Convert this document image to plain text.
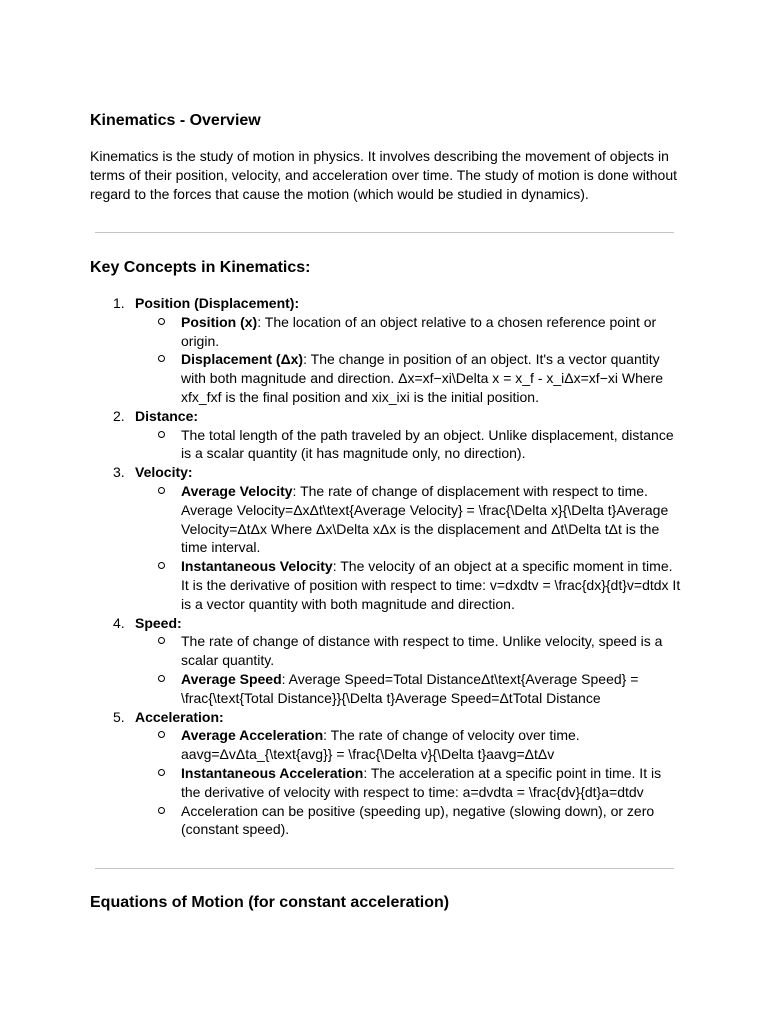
Kinematics - Overview

Kinematics is the study of motion in physics. It involves describing the movement of objects in terms of their position, velocity, and acceleration over time. The study of motion is done without regard to the forces that cause the motion (which would be studied in dynamics).

Key Concepts in Kinematics:
1. Position (Displacement):
Position (x): The location of an object relative to a chosen reference point or origin.
Displacement (Δx): The change in position of an object. It's a vector quantity with both magnitude and direction. Δx=xf−xi\Delta x = x_f - x_iΔx=xf−xi Where xfx_fxf is the final position and xix_ixi is the initial position.
2. Distance:
The total length of the path traveled by an object. Unlike displacement, distance is a scalar quantity (it has magnitude only, no direction).
3. Velocity:
Average Velocity: The rate of change of displacement with respect to time. Average Velocity=ΔxΔt\text{Average Velocity} = \frac{\Delta x}{\Delta t}Average Velocity=ΔtΔx Where Δx\Delta xΔx is the displacement and Δt\Delta tΔt is the time interval.
Instantaneous Velocity: The velocity of an object at a specific moment in time. It is the derivative of position with respect to time: v=dxdtv = \frac{dx}{dt}v=dtdx It is a vector quantity with both magnitude and direction.
4. Speed:
The rate of change of distance with respect to time. Unlike velocity, speed is a scalar quantity.
Average Speed: Average Speed=Total DistanceΔt\text{Average Speed} = \frac{\text{Total Distance}}{\Delta t}Average Speed=ΔtTotal Distance
5. Acceleration:
Average Acceleration: The rate of change of velocity over time. aavg=ΔvΔta_{\text{avg}} = \frac{\Delta v}{\Delta t}aavg=ΔtΔv
Instantaneous Acceleration: The acceleration at a specific point in time. It is the derivative of velocity with respect to time: a=dvdta = \frac{dv}{dt}a=dtdv
Acceleration can be positive (speeding up), negative (slowing down), or zero (constant speed).
Equations of Motion (for constant acceleration)
